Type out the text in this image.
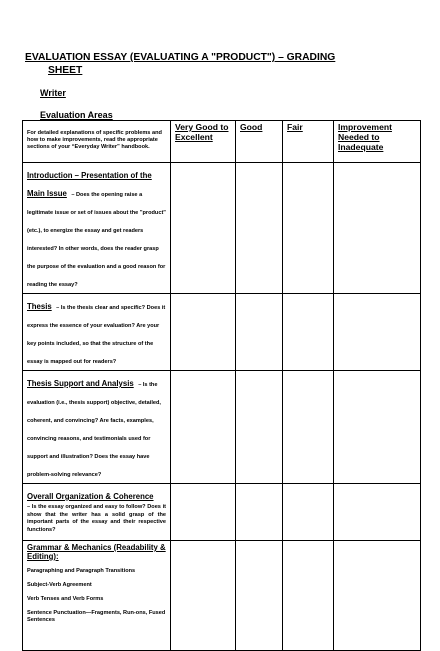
EVALUATION ESSAY (EVALUATING A "PRODUCT") – GRADING
SHEET
Writer
Evaluation Areas
For detailed explanations of specific problems and how to make improvements, read the appropriate sections of your “Everyday Writer” handbook.	Very Good to Excellent	Good	Fair	Improvement Needed to Inadequate
Introduction – Presentation of the Main Issue – Does the opening raise a legitimate issue or set of issues about the "product" (etc.), to energize the essay and get readers interested? In other words, does the reader grasp the purpose of the evaluation and a good reason for reading the essay?				
Thesis – Is the thesis clear and specific? Does it express the essence of your evaluation? Are your key points included, so that the structure of the essay is mapped out for readers?				
Thesis Support and Analysis – Is the evaluation (i.e., thesis support) objective, detailed, coherent, and convincing? Are facts, examples, convincing reasons, and testimonials used for support and illustration? Does the essay have problem-solving relevance?				
Overall Organization & Coherence
– Is the essay organized and easy to follow? Does it show that the writer has a solid grasp of the important parts of the essay and their respective functions?				

Grammar & Mechanics (Readability & Editing):
Paragraphing and Paragraph Transitions
Subject-Verb Agreement
Verb Tenses and Verb Forms
Sentence Punctuation—Fragments, Run-ons, Fused Sentences				
